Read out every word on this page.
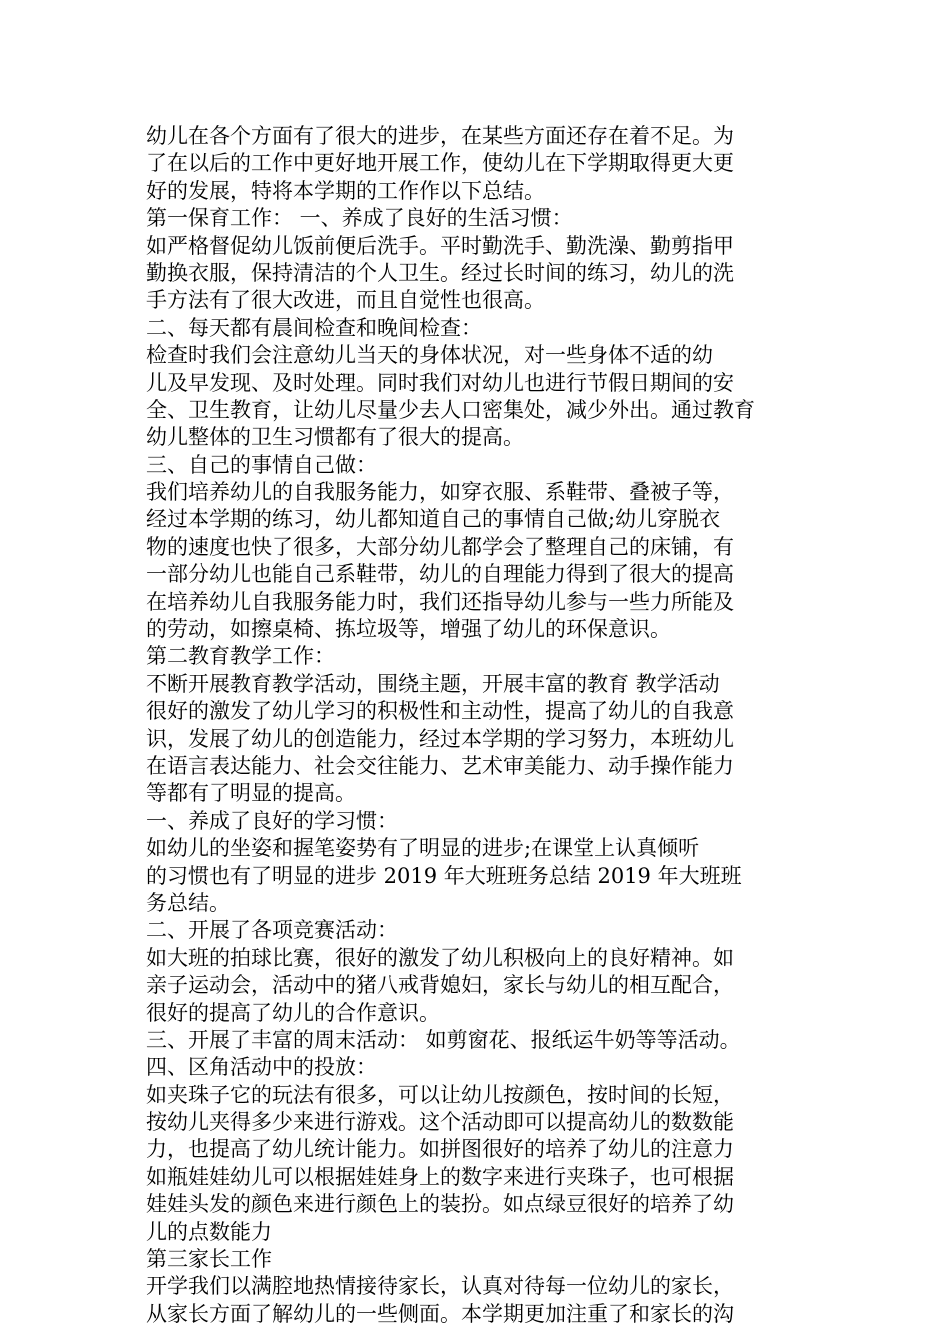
幼儿在各个方面有了很大的进步，在某些方面还存在着不足。为
了在以后的工作中更好地开展工作，使幼儿在下学期取得更大更
好的发展，特将本学期的工作作以下总结。
第一保育工作： 一、养成了良好的生活习惯：
如严格督促幼儿饭前便后洗手。平时勤洗手、勤洗澡、勤剪指甲
勤换衣服，保持清洁的个人卫生。经过长时间的练习，幼儿的洗
手方法有了很大改进，而且自觉性也很高。
二、每天都有晨间检查和晚间检查：
检查时我们会注意幼儿当天的身体状况，对一些身体不适的幼
儿及早发现、及时处理。同时我们对幼儿也进行节假日期间的安
全、卫生教育，让幼儿尽量少去人口密集处，减少外出。通过教育
幼儿整体的卫生习惯都有了很大的提高。
三、自己的事情自己做：
我们培养幼儿的自我服务能力，如穿衣服、系鞋带、叠被子等，
经过本学期的练习，幼儿都知道自己的事情自己做;幼儿穿脱衣
物的速度也快了很多，大部分幼儿都学会了整理自己的床铺，有
一部分幼儿也能自己系鞋带，幼儿的自理能力得到了很大的提高
在培养幼儿自我服务能力时，我们还指导幼儿参与一些力所能及
的劳动，如擦桌椅、拣垃圾等，增强了幼儿的环保意识。
第二教育教学工作：
不断开展教育教学活动，围绕主题，开展丰富的教育 教学活动
很好的激发了幼儿学习的积极性和主动性，提高了幼儿的自我意
识，发展了幼儿的创造能力，经过本学期的学习努力，本班幼儿
在语言表达能力、社会交往能力、艺术审美能力、动手操作能力
等都有了明显的提高。
一、养成了良好的学习惯：
如幼儿的坐姿和握笔姿势有了明显的进步;在课堂上认真倾听
的习惯也有了明显的进步 2019 年大班班务总结 2019 年大班班
务总结。
二、开展了各项竞赛活动：
如大班的拍球比赛，很好的激发了幼儿积极向上的良好精神。如
亲子运动会，活动中的猪八戒背媳妇，家长与幼儿的相互配合，
很好的提高了幼儿的合作意识。
三、开展了丰富的周末活动： 如剪窗花、报纸运牛奶等等活动。
四、区角活动中的投放：
如夹珠子它的玩法有很多，可以让幼儿按颜色，按时间的长短，
按幼儿夹得多少来进行游戏。这个活动即可以提高幼儿的数数能
力，也提高了幼儿统计能力。如拼图很好的培养了幼儿的注意力
如瓶娃娃幼儿可以根据娃娃身上的数字来进行夹珠子，也可根据
娃娃头发的颜色来进行颜色上的装扮。如点绿豆很好的培养了幼
儿的点数能力
第三家长工作
开学我们以满腔地热情接待家长，认真对待每一位幼儿的家长，
从家长方面了解幼儿的一些侧面。本学期更加注重了和家长的沟
